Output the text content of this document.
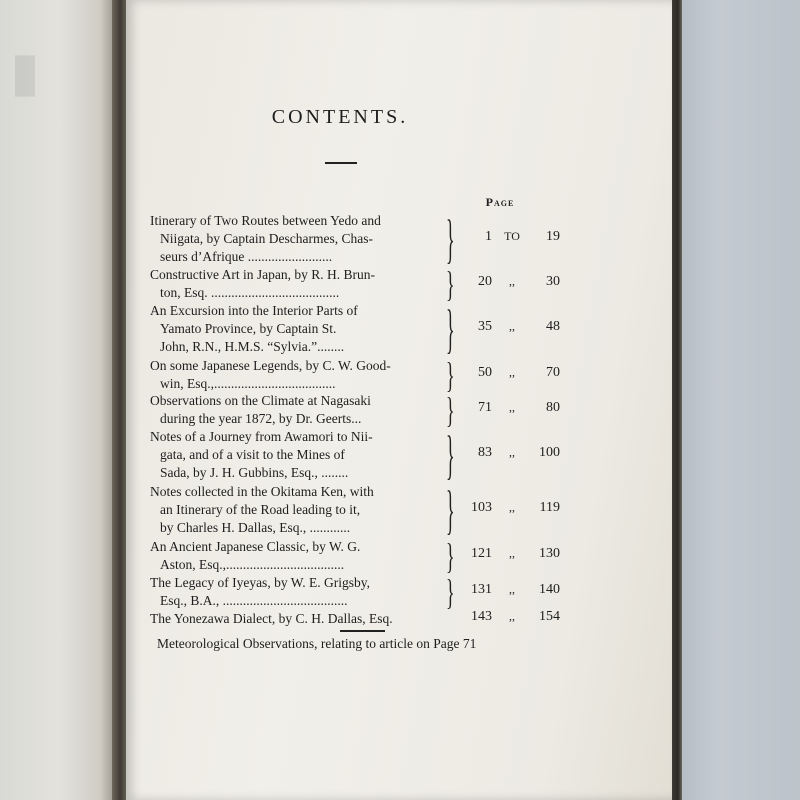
▮
CONTENTS.
Page
Itinerary of Two Routes between Yedo and
Niigata, by Captain Descharmes, Chas-
seurs d’Afrique .........................	}	1	TO	19
Constructive Art in Japan, by R. H. Brun-
ton, Esq. ......................................	}	20	,,	30
An Excursion into the Interior Parts of
Yamato Province, by Captain St.
John, R.N., H.M.S. “Sylvia.”........	}	35	,,	48
On some Japanese Legends, by C. W. Good-
win, Esq.,....................................	}	50	,,	70
Observations on the Climate at Nagasaki
during the year 1872, by Dr. Geerts...	}	71	,,	80
Notes of a Journey from Awamori to Nii-
gata, and of a visit to the Mines of
Sada, by J. H. Gubbins, Esq., ........	}	83	,,	100
Notes collected in the Okitama Ken, with
an Itinerary of the Road leading to it,
by Charles H. Dallas, Esq., ............	}	103	,,	119
An Ancient Japanese Classic, by W. G.
Aston, Esq.,...................................	}	121	,,	130
The Legacy of Iyeyas, by W. E. Grigsby,
Esq., B.A., .....................................	}	131	,,	140
The Yonezawa Dialect, by C. H. Dallas, Esq.	143	,,	154
Meteorological Observations, relating to article on Page 71
